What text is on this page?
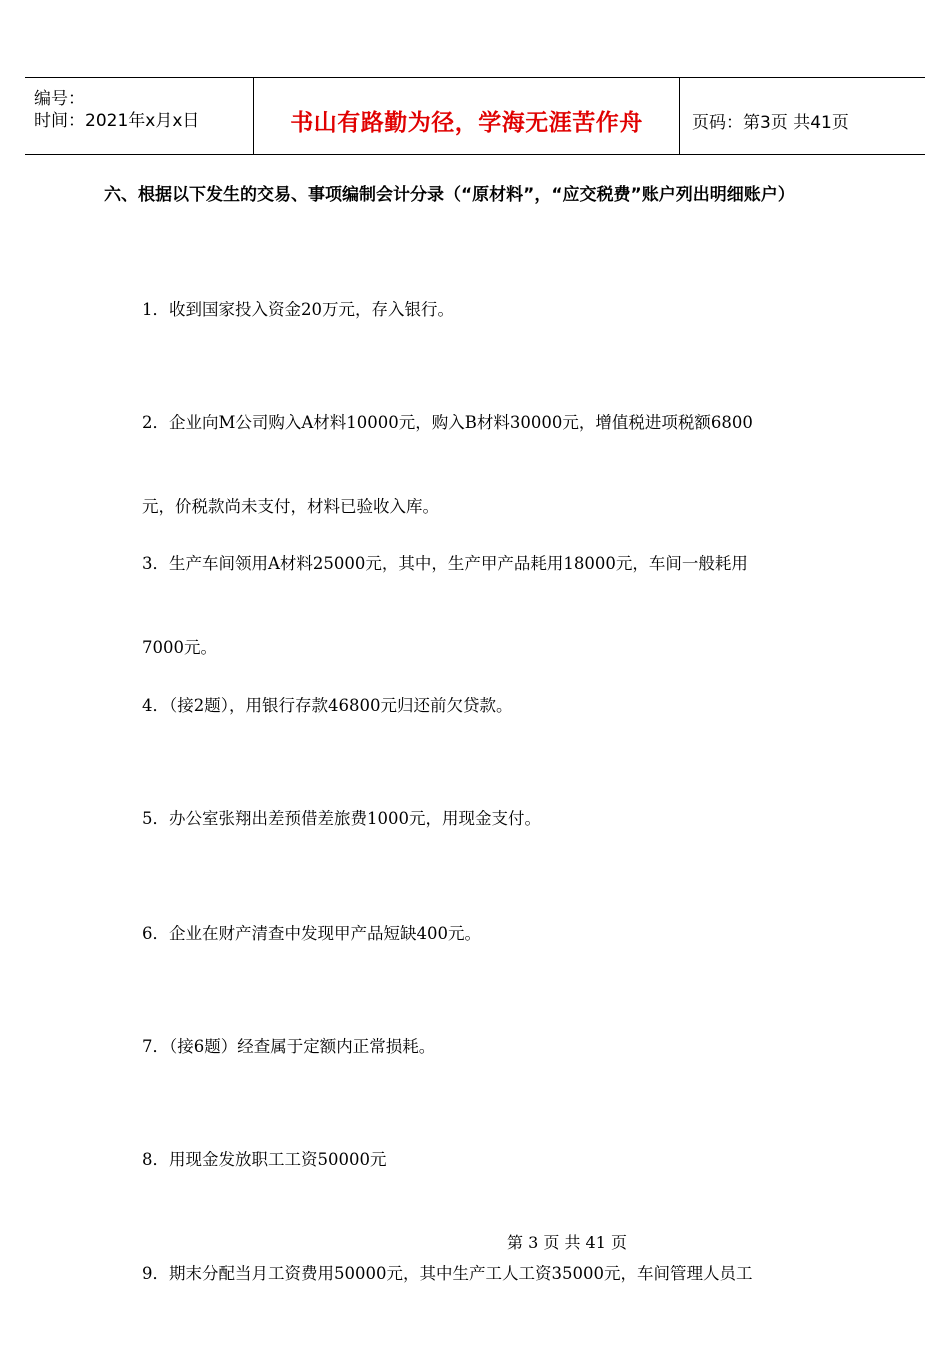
编号：
时间：2021年x月x日	书山有路勤为径，学海无涯苦作舟	页码：第3页 共41页
六、根据以下发生的交易、事项编制会计分录（“原材料”，“应交税费”账户列出明细账户）

1．收到国家投入资金20万元，存入银行。

2．企业向M公司购入A材料10000元，购入B材料30000元，增值税进项税额6800

元，价税款尚未支付，材料已验收入库。

3．生产车间领用A材料25000元，其中，生产甲产品耗用18000元，车间一般耗用

7000元。

4．（接2题），用银行存款46800元归还前欠贷款。

5．办公室张翔出差预借差旅费1000元，用现金支付。

6．企业在财产清查中发现甲产品短缺400元。

7．（接6题）经查属于定额内正常损耗。

8．用现金发放职工工资50000元

9．期末分配当月工资费用50000元，其中生产工人工资35000元，车间管理人员工

第 3 页 共 41 页
